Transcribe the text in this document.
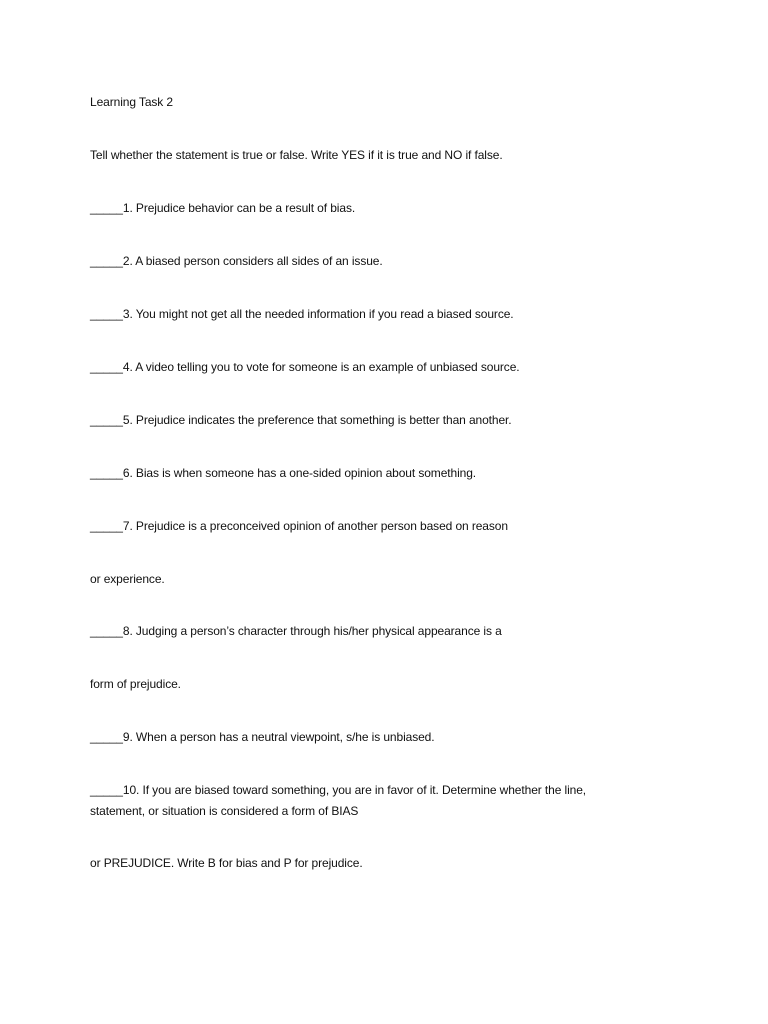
Learning Task 2
Tell whether the statement is true or false. Write YES if it is true and NO if false.
_____1. Prejudice behavior can be a result of bias.
_____2. A biased person considers all sides of an issue.
_____3. You might not get all the needed information if you read a biased source.
_____4. A video telling you to vote for someone is an example of unbiased source.
_____5. Prejudice indicates the preference that something is better than another.
_____6. Bias is when someone has a one-sided opinion about something.
_____7. Prejudice is a preconceived opinion of another person based on reason
or experience.
_____8. Judging a person’s character through his/her physical appearance is a
form of prejudice.
_____9. When a person has a neutral viewpoint, s/he is unbiased.
_____10. If you are biased toward something, you are in favor of it. Determine whether the line,
statement, or situation is considered a form of BIAS
or PREJUDICE. Write B for bias and P for prejudice.
